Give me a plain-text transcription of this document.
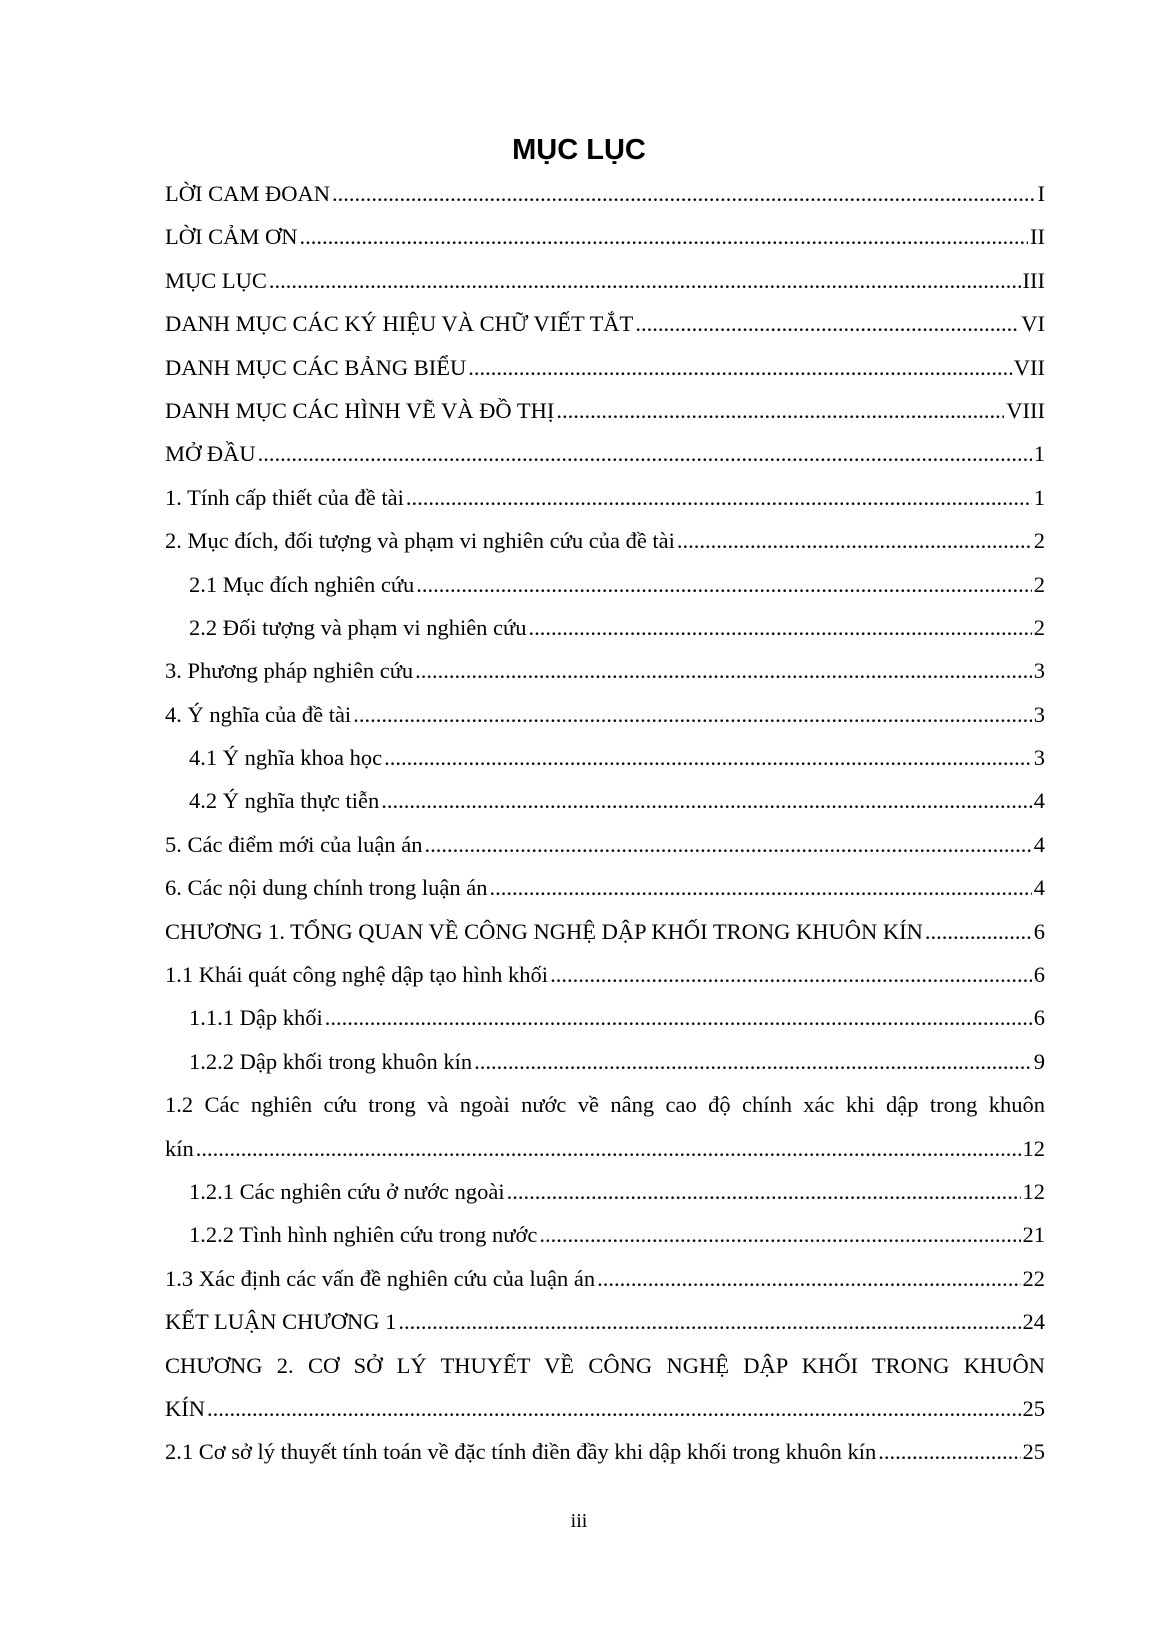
MỤC LỤC
LỜI CAM ĐOAN .....	I
LỜI CẢM ƠN .....	II
MỤC LỤC .....	III
DANH MỤC CÁC KÝ HIỆU VÀ CHỮ VIẾT TẮT .....	VI
DANH MỤC CÁC BẢNG BIỂU .....	VII
DANH MỤC CÁC HÌNH VẼ VÀ ĐỒ THỊ .....	VIII
MỞ ĐẦU .....	1
1. Tính cấp thiết của đề tài .....	1
2. Mục đích, đối tượng và phạm vi nghiên cứu của đề tài .....	2
2.1 Mục đích nghiên cứu .....	2
2.2 Đối tượng và phạm vi nghiên cứu .....	2
3. Phương pháp nghiên cứu .....	3
4. Ý nghĩa của đề tài .....	3
4.1 Ý nghĩa khoa học .....	3
4.2 Ý nghĩa thực tiễn .....	4
5. Các điểm mới của luận án .....	4
6. Các nội dung chính trong luận án .....	4
CHƯƠNG 1. TỔNG QUAN VỀ CÔNG NGHỆ DẬP KHỐI TRONG KHUÔN KÍN .....	6
1.1 Khái quát công nghệ dập tạo hình khối .....	6
1.1.1 Dập khối .....	6
1.2.2 Dập khối trong khuôn kín .....	9
1.2 Các nghiên cứu trong và ngoài nước về nâng cao độ chính xác khi dập trong khuôn
kín .....	12
1.2.1 Các nghiên cứu ở nước ngoài .....	12
1.2.2 Tình hình nghiên cứu trong nước .....	21
1.3 Xác định các vấn đề nghiên cứu của luận án .....	22
KẾT LUẬN CHƯƠNG 1 .....	24
CHƯƠNG 2. CƠ SỞ LÝ THUYẾT VỀ CÔNG NGHỆ DẬP KHỐI TRONG KHUÔN
KÍN .....	25
2.1 Cơ sở lý thuyết tính toán về đặc tính điền đầy khi dập khối trong khuôn kín .....	25
iii
